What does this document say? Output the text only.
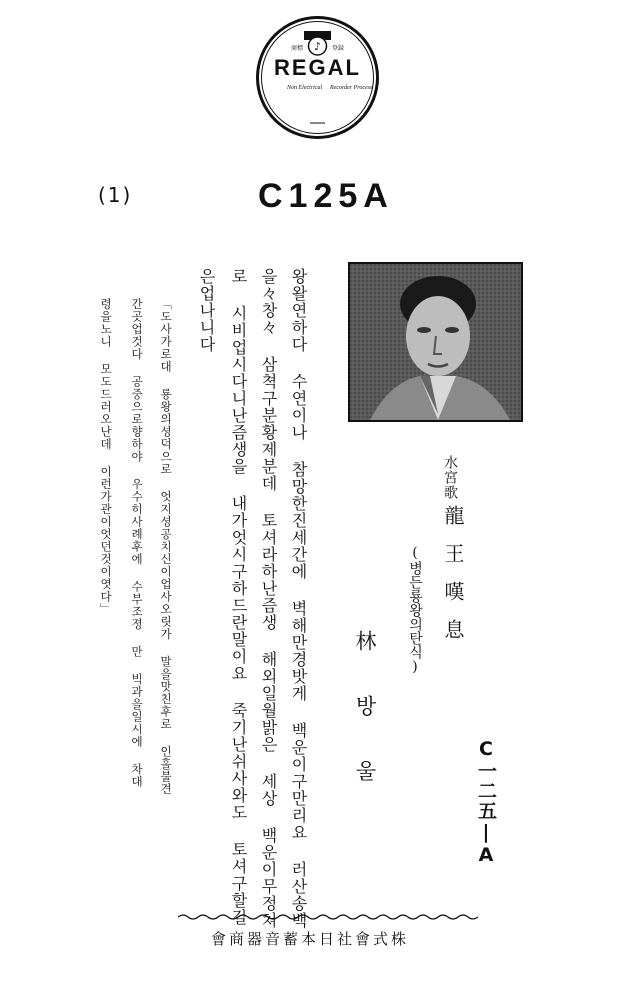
♪
商標	登録
REGAL
Non Electrical Recorder Process
(1)	C125A
왕왈연하다 수연이나 참망한진세간에 벽해만경밧게 백운이구만리요 러산송백
을々창々 삼쳑구분황제분데 토셔라하난즘생 해외일월밝은 세상 백운이무정쳐
로 시비업시다니난즘생을 내가엇시구하드란말이요 죽기난쉬사와도 토셔구할길
은업나니다
「도사가로대 룡왕의셩덕으로 엇지셩공치신이업사오릿가 말을맛친후로 인홀불견
간곳업것다 공중으로향하야 우수히사례후에 수부조졍 만 빅과을일시에 차대
령을노니 모도드러오난데 이런가관이엇던것이엿다」	水宮歌
龍王嘆息
(병든룡왕의탄식)
林방울	C一二五|A
會商器音蓄本日社會式株
